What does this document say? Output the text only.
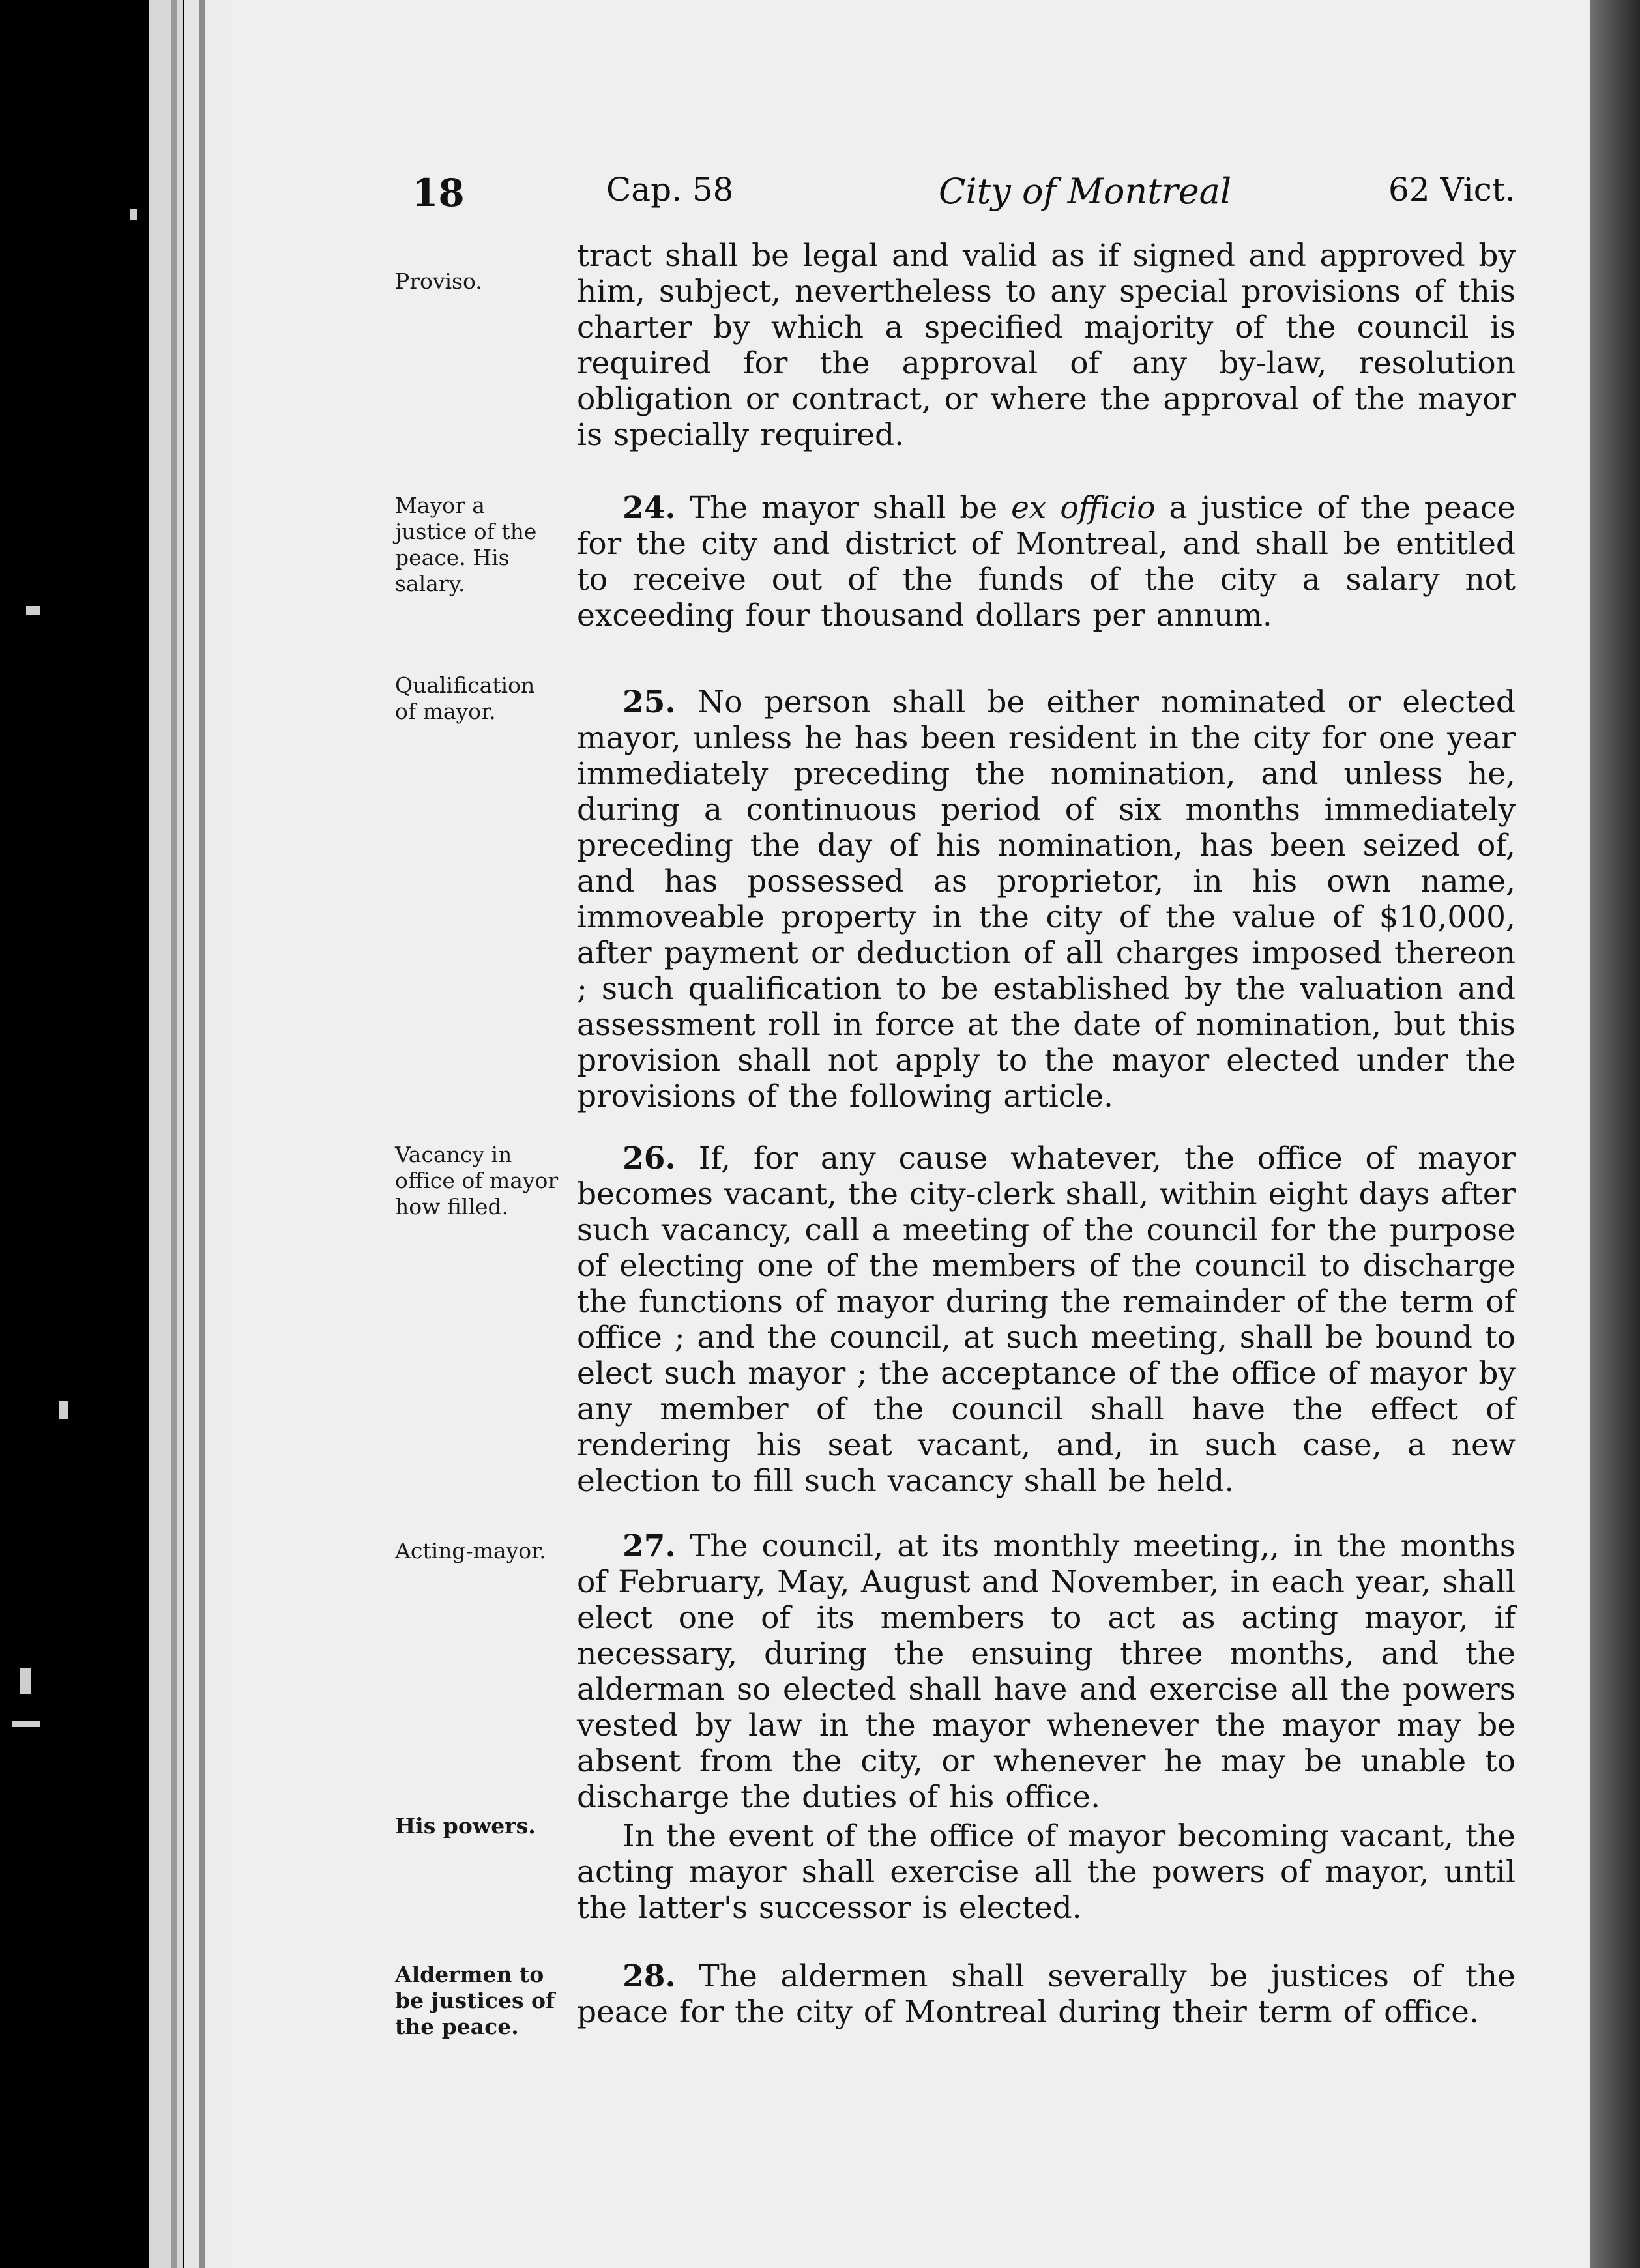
18	Cap. 58	City of Montreal	62 Vict.
Proviso.
Mayor a justice of the peace. His salary.
Qualification of mayor.
Vacancy in office of mayor how filled.
Acting-mayor.
His powers.
Aldermen to be justices of the peace.
tract shall be legal and valid as if signed and approved by him, subject, nevertheless to any special provisions of this charter by which a specified majority of the council is required for the approval of any by-law, resolution obligation or contract, or where the approval of the mayor is specially required.
24. The mayor shall be ex officio a justice of the peace for the city and district of Montreal, and shall be entitled to receive out of the funds of the city a salary not exceeding four thousand dollars per annum.
25. No person shall be either nominated or elected mayor, unless he has been resident in the city for one year immediately preceding the nomination, and unless he, during a continuous period of six months immediately preceding the day of his nomination, has been seized of, and has possessed as proprietor, in his own name, immoveable property in the city of the value of $10,000, after payment or deduction of all charges imposed thereon ; such qualification to be established by the valuation and assessment roll in force at the date of nomination, but this provision shall not apply to the mayor elected under the provisions of the following article.
26. If, for any cause whatever, the office of mayor becomes vacant, the city-clerk shall, within eight days after such vacancy, call a meeting of the council for the purpose of electing one of the members of the council to discharge the functions of mayor during the remainder of the term of office ; and the council, at such meeting, shall be bound to elect such mayor ; the acceptance of the office of mayor by any member of the council shall have the effect of rendering his seat vacant, and, in such case, a new election to fill such vacancy shall be held.
27. The council, at its monthly meeting,, in the months of February, May, August and November, in each year, shall elect one of its members to act as acting mayor, if necessary, during the ensuing three months, and the alderman so elected shall have and exercise all the powers vested by law in the mayor whenever the mayor may be absent from the city, or whenever he may be unable to discharge the duties of his office.
In the event of the office of mayor becoming vacant, the acting mayor shall exercise all the powers of mayor, until the latter's successor is elected.
28. The aldermen shall severally be justices of the peace for the city of Montreal during their term of office.
